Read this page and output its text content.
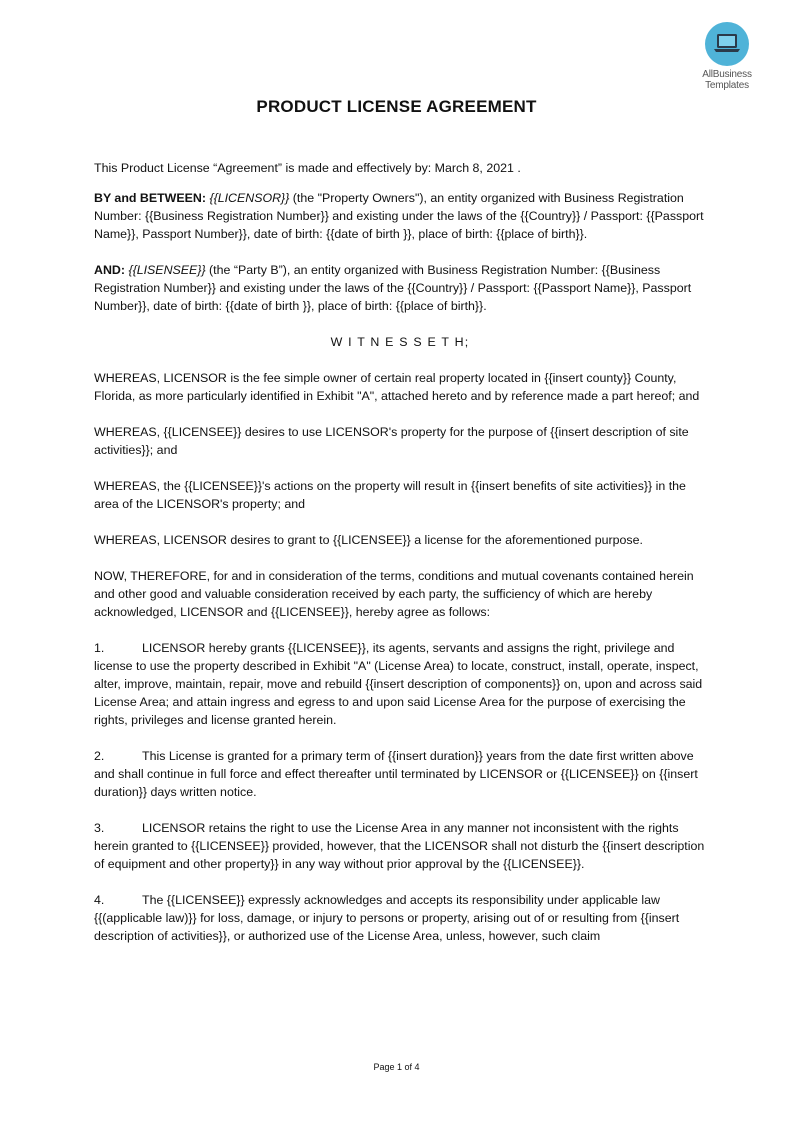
AllBusiness
Templates
PRODUCT LICENSE AGREEMENT

This Product License “Agreement” is made and effectively by: March 8, 2021 .

BY and BETWEEN: {{LICENSOR}} (the "Property Owners"), an entity organized with Business Registration Number: {{Business Registration Number}} and existing under the laws of the {{Country}} / Passport: {{Passport Name}}, Passport Number}}, date of birth: {{date of birth }}, place of birth: {{place of birth}}.

AND: {{LISENSEE}} (the “Party B”), an entity organized with Business Registration Number: {{Business Registration Number}} and existing under the laws of the {{Country}} / Passport: {{Passport Name}}, Passport Number}}, date of birth: {{date of birth }}, place of birth: {{place of birth}}.

W I T N E S S E T H;

WHEREAS, LICENSOR is the fee simple owner of certain real property located in {{insert county}} County, Florida, as more particularly identified in Exhibit "A", attached hereto and by reference made a part hereof; and

WHEREAS, {{LICENSEE}} desires to use LICENSOR's property for the purpose of {{insert description of site activities}}; and

WHEREAS, the {{LICENSEE}}'s actions on the property will result in {{insert benefits of site activities}} in the area of the LICENSOR's property; and

WHEREAS, LICENSOR desires to grant to {{LICENSEE}} a license for the aforementioned purpose.

NOW, THEREFORE, for and in consideration of the terms, conditions and mutual covenants contained herein and other good and valuable consideration received by each party, the sufficiency of which are hereby acknowledged, LICENSOR and {{LICENSEE}}, hereby agree as follows:

1.	LICENSOR hereby grants {{LICENSEE}}, its agents, servants and assigns the right, privilege and license to use the property described in Exhibit "A" (License Area) to locate, construct, install, operate, inspect, alter, improve, maintain, repair, move and rebuild {{insert description of components}} on, upon and across said License Area; and attain ingress and egress to and upon said License Area for the purpose of exercising the rights, privileges and license granted herein.

2.	This License is granted for a primary term of {{insert duration}} years from the date first written above and shall continue in full force and effect thereafter until terminated by LICENSOR or {{LICENSEE}} on {{insert duration}} days written notice.

3.	LICENSOR retains the right to use the License Area in any manner not inconsistent with the rights herein granted to {{LICENSEE}} provided, however, that the LICENSOR shall not disturb the {{insert description of equipment and other property}} in any way without prior approval by the {{LICENSEE}}.

4.	The {{LICENSEE}} expressly acknowledges and accepts its responsibility under applicable law {{(applicable law)}} for loss, damage, or injury to persons or property, arising out of or resulting from {{insert description of activities}}, or authorized use of the License Area, unless, however, such claim

Page 1 of 4
